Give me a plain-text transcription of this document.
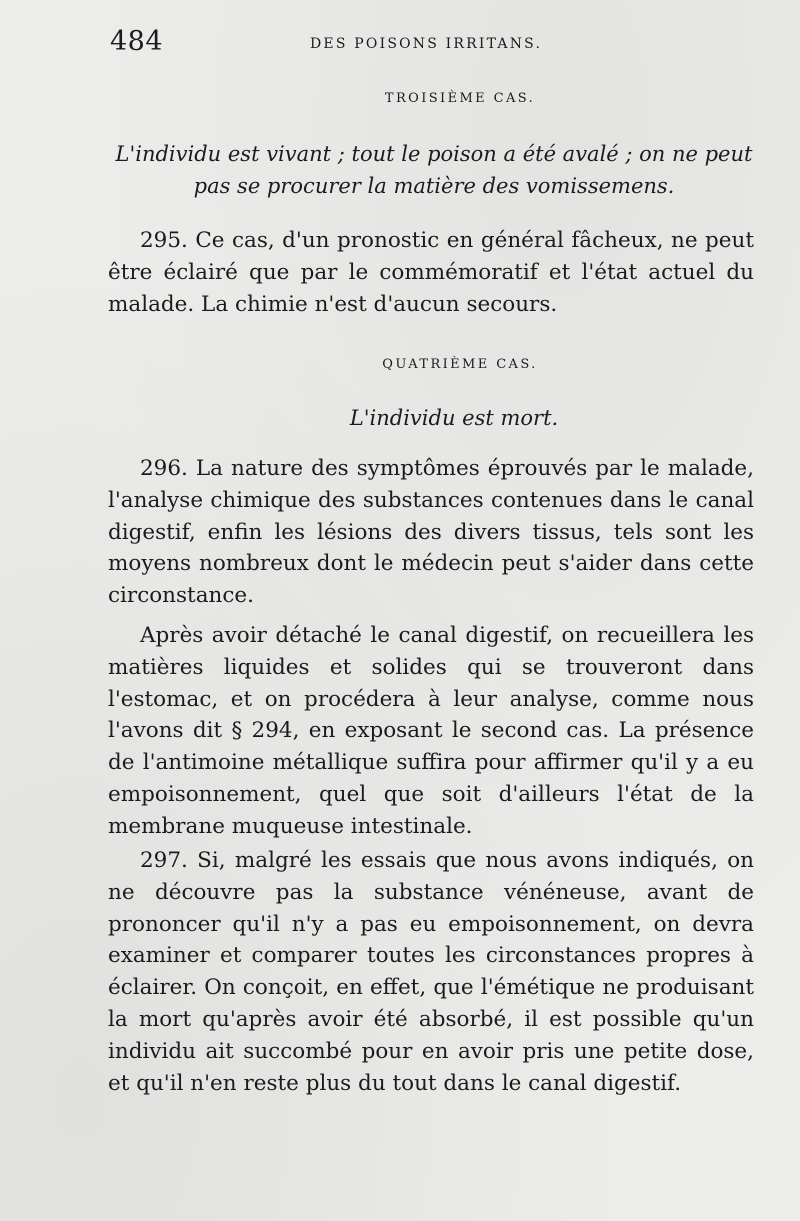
484	DES POISONS IRRITANS.
TROISIÈME CAS.
L'individu est vivant ; tout le poison a été avalé ; on ne peut
pas se procurer la matière des vomissemens.

295. Ce cas, d'un pronostic en général fâcheux, ne peut être éclairé que par le commémoratif et l'état actuel du malade. La chimie n'est d'aucun secours.

QUATRIÈME CAS.
L'individu est mort.

296. La nature des symptômes éprouvés par le malade, l'analyse chimique des substances contenues dans le canal digestif, enfin les lésions des divers tissus, tels sont les moyens nombreux dont le médecin peut s'aider dans cette circonstance.

Après avoir détaché le canal digestif, on recueillera les matières liquides et solides qui se trouveront dans l'estomac, et on procédera à leur analyse, comme nous l'avons dit § 294, en exposant le second cas. La présence de l'antimoine métallique suffira pour affirmer qu'il y a eu empoisonnement, quel que soit d'ailleurs l'état de la membrane muqueuse intestinale.

297. Si, malgré les essais que nous avons indiqués, on ne découvre pas la substance vénéneuse, avant de prononcer qu'il n'y a pas eu empoisonnement, on devra examiner et comparer toutes les circonstances propres à éclairer. On conçoit, en effet, que l'émétique ne produisant la mort qu'après avoir été absorbé, il est possible qu'un individu ait succombé pour en avoir pris une petite dose, et qu'il n'en reste plus du tout dans le canal digestif.
